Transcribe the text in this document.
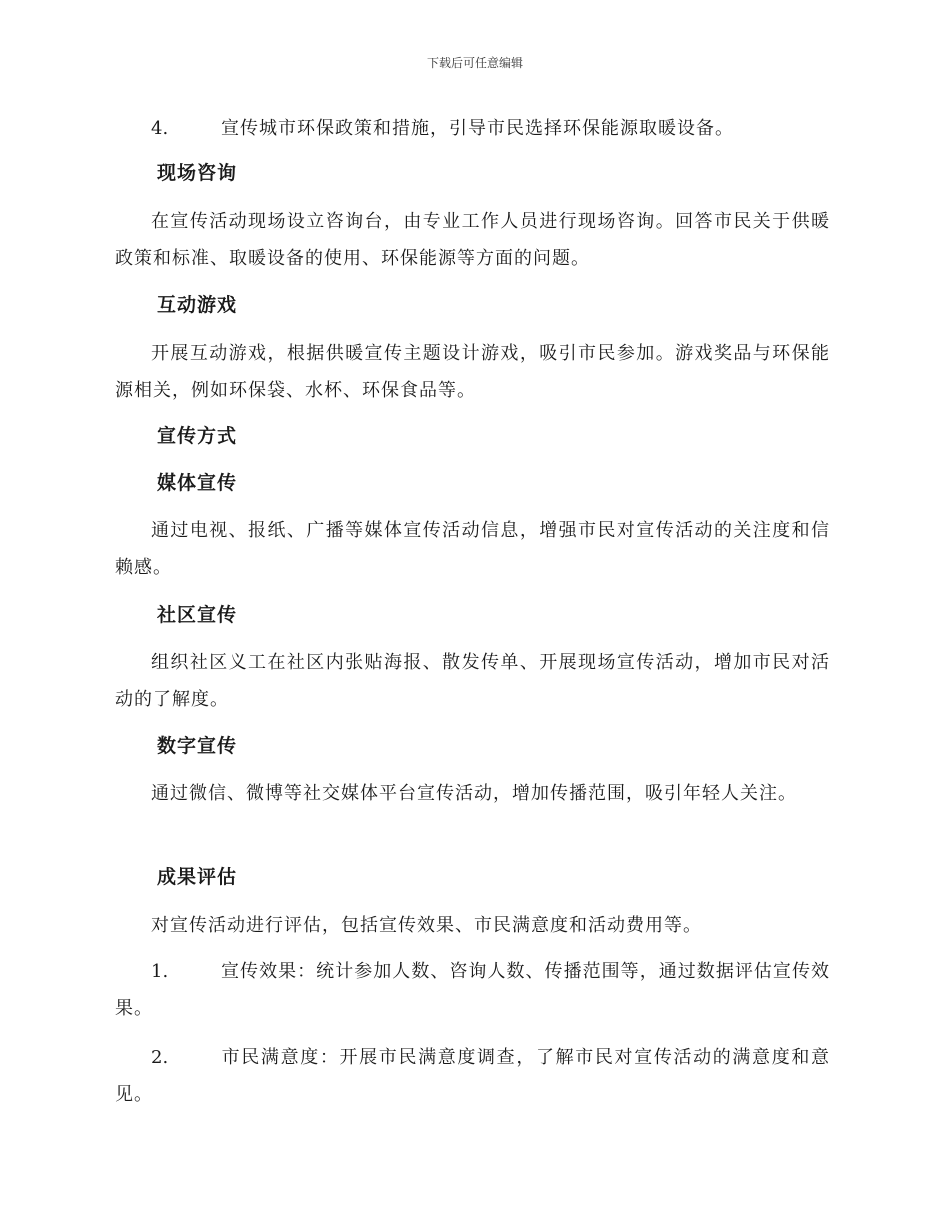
下载后可任意编辑

4.	宣传城市环保政策和措施，引导市民选择环保能源取暖设备。

现场咨询

在宣传活动现场设立咨询台，由专业工作人员进行现场咨询。回答市民关于供暖政策和标准、取暖设备的使用、环保能源等方面的问题。

互动游戏

开展互动游戏，根据供暖宣传主题设计游戏，吸引市民参加。游戏奖品与环保能源相关，例如环保袋、水杯、环保食品等。

宣传方式

媒体宣传

通过电视、报纸、广播等媒体宣传活动信息，增强市民对宣传活动的关注度和信赖感。

社区宣传

组织社区义工在社区内张贴海报、散发传单、开展现场宣传活动，增加市民对活动的了解度。

数字宣传

通过微信、微博等社交媒体平台宣传活动，增加传播范围，吸引年轻人关注。

成果评估

对宣传活动进行评估，包括宣传效果、市民满意度和活动费用等。

1.	宣传效果：统计参加人数、咨询人数、传播范围等，通过数据评估宣传效果。

2.	市民满意度：开展市民满意度调查，了解市民对宣传活动的满意度和意见。
